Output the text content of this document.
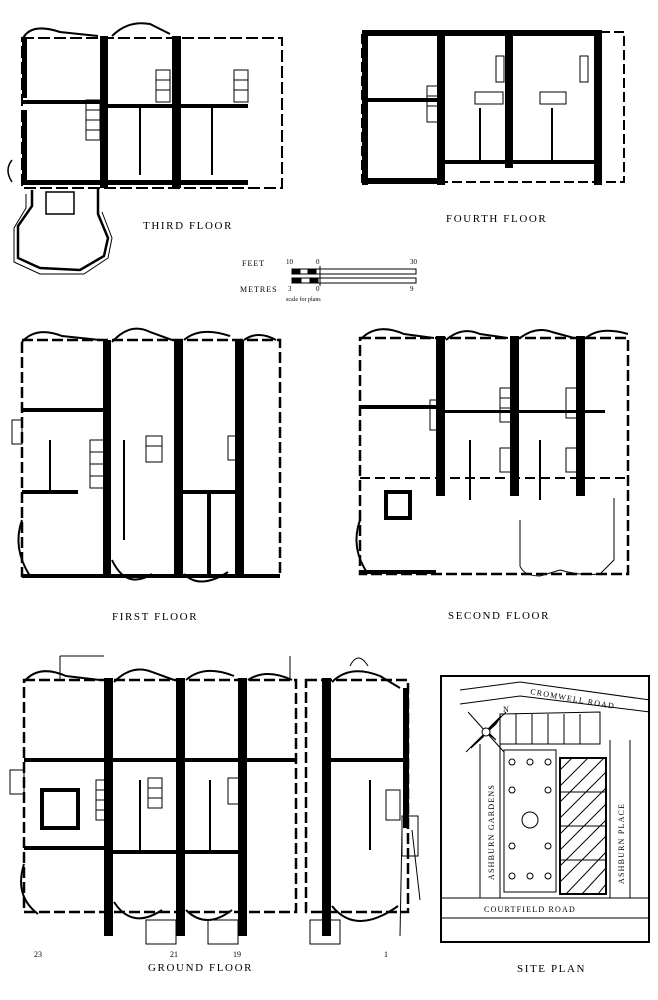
THIRD FLOOR
FOURTH FLOOR
FEET	10	0	30
METRES 3	0	9
scale for plans
FIRST FLOOR	SECOND FLOOR
23	21	19	1
GROUND FLOOR
N	CROMWELL ROAD
ASHBURN GARDENS	ASHBURN PLACE
COURTFIELD ROAD
SITE PLAN
